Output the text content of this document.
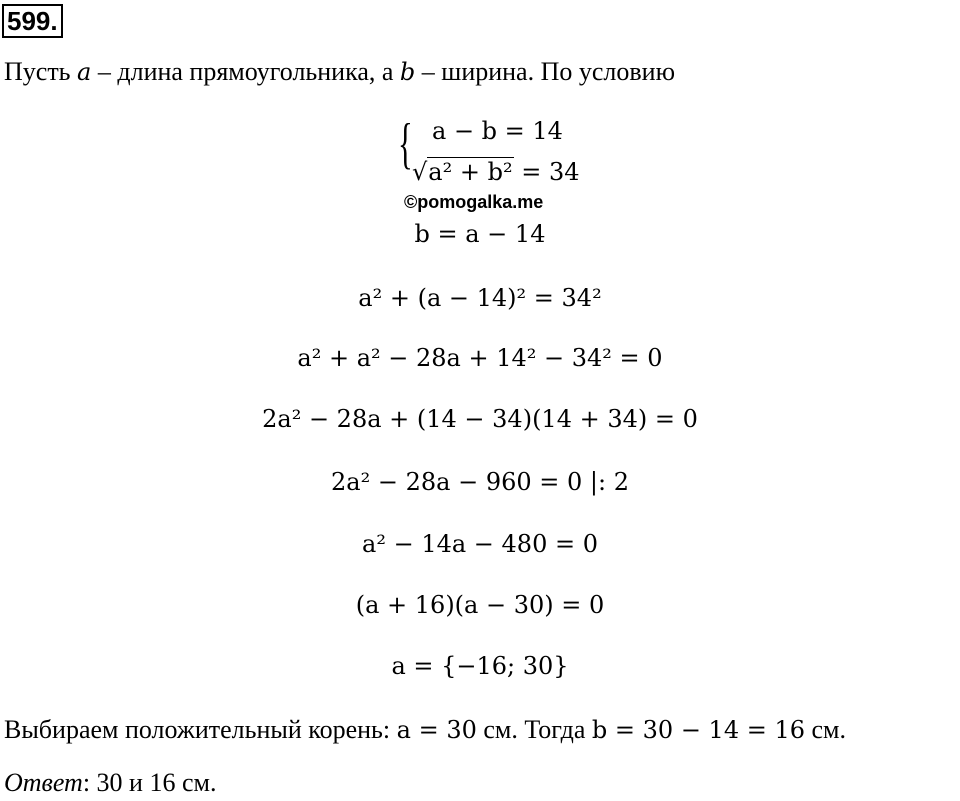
599.
Пусть a – длина прямоугольника, а b – ширина. По условию
{ a − b = 14
√a² + b² = 34
©pomogalka.me
b = a − 14
a² + (a − 14)² = 34²
a² + a² − 28a + 14² − 34² = 0
2a² − 28a + (14 − 34)(14 + 34) = 0
2a² − 28a − 960 = 0 |: 2
a² − 14a − 480 = 0
(a + 16)(a − 30) = 0
a = {−16; 30}
Выбираем положительный корень: a = 30 см. Тогда b = 30 − 14 = 16 см.
Ответ: 30 и 16 см.
